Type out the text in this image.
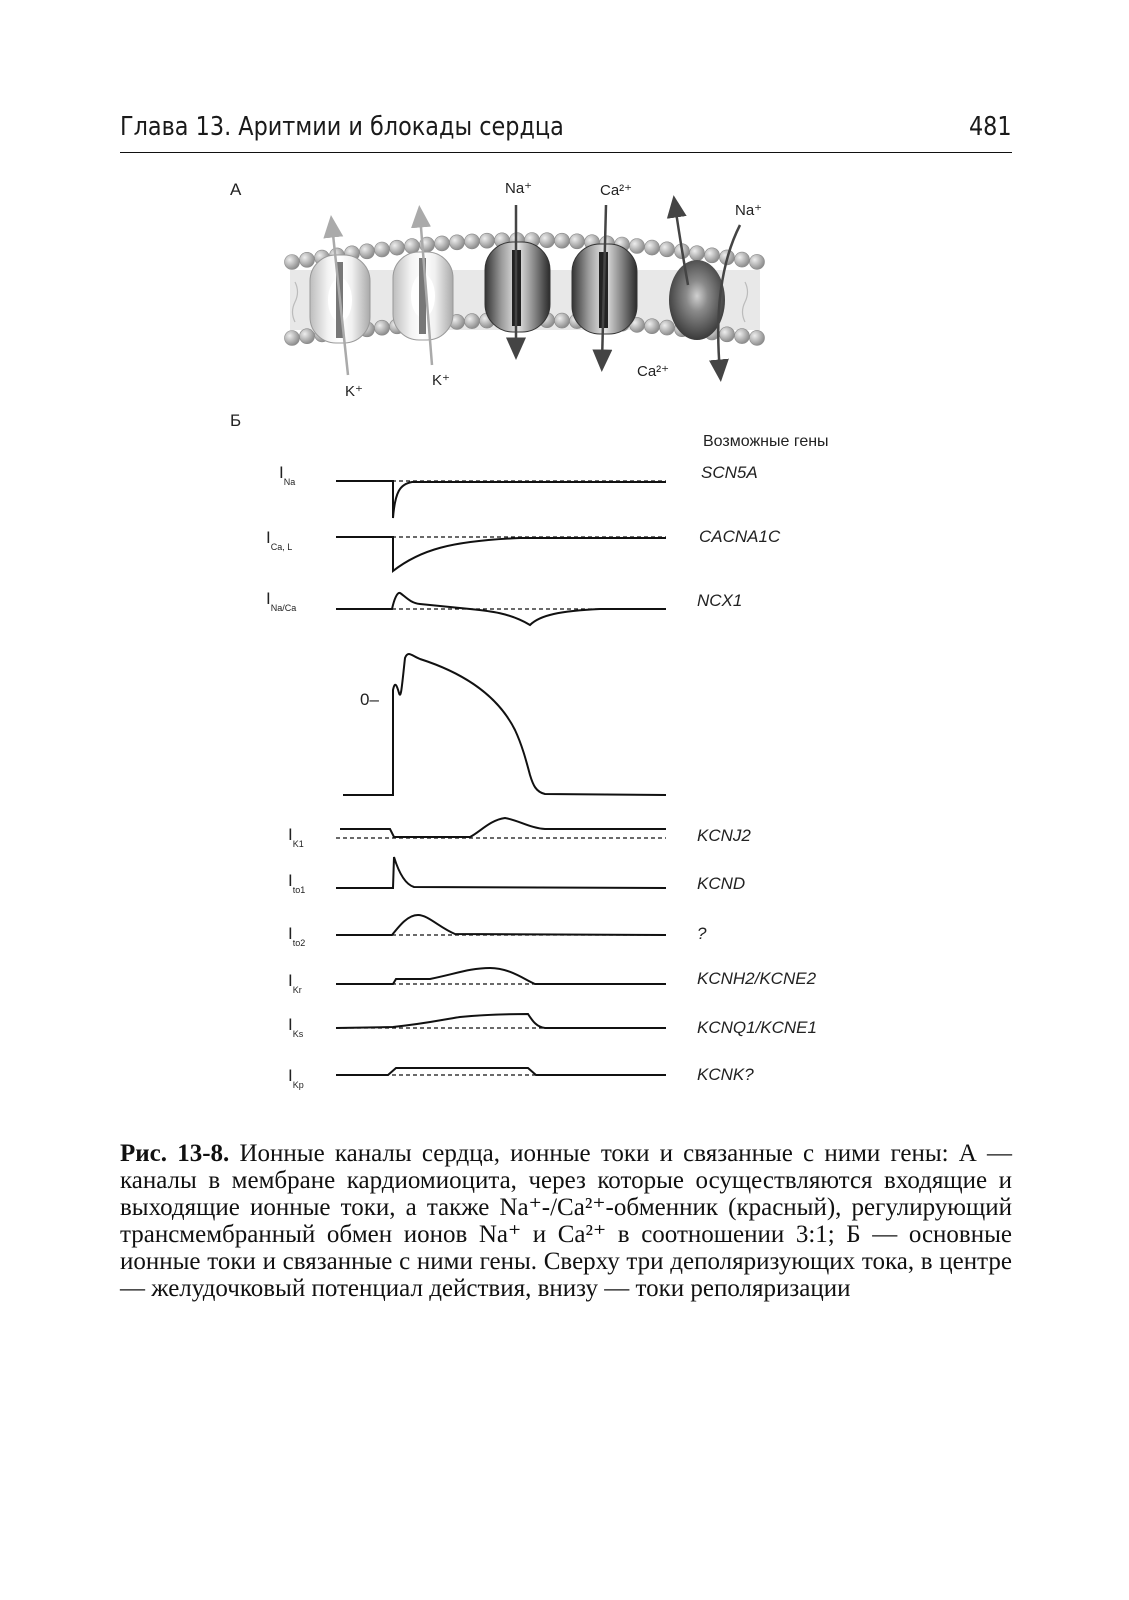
Глава 13. Аритмии и блокады сердца	481
А	Na⁺	Ca²⁺
Na⁺
Ca²⁺
K⁺
K⁺
Б
Возможные гены
$I_{Na}$
$I_{Ca, L}$
$I_{Na/Ca}$
$I_{K1}$
$I_{to1}$
$I_{to2}$
$I_{Kr}$
$I_{Ks}$
$I_{Kp}$
0–
SCN5A
CACNA1C
NCX1
KCNJ2
KCND
?
KCNH2/KCNE2
KCNQ1/KCNE1
KCNK?
Рис. 13-8. Ионные каналы сердца, ионные токи и связанные с ними гены: А — каналы в мембране кардиомиоцита, через которые осуществляются входящие и выходящие ионные токи, а также Na⁺-/Ca²⁺-обменник (красный), регулирующий трансмембранный обмен ионов Na⁺ и Ca²⁺ в соотношении 3:1; Б — основные ионные токи и связанные с ними гены. Сверху три деполяризующих тока, в центре — желудочковый потенциал действия, внизу — токи реполяризации
